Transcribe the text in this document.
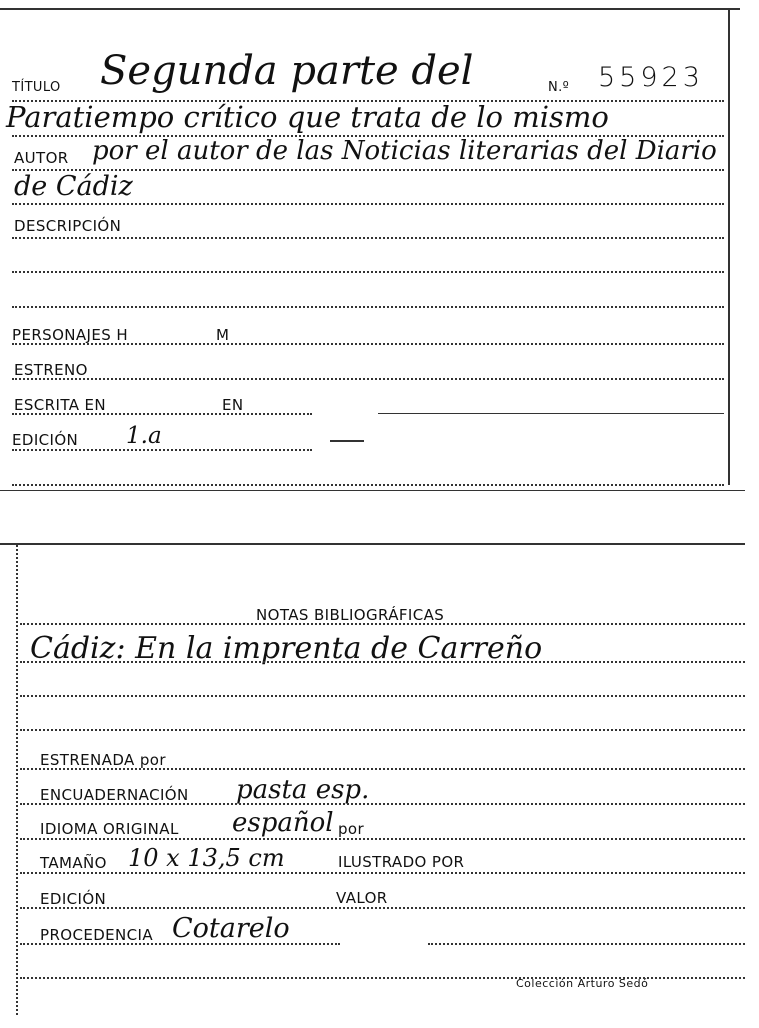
TÍTULO Segunda parte del	N.º 55923
Paratiempo crítico que trata de lo mismo
AUTOR por el autor de las Noticias literarias del Diario
de Cádiz
DESCRIPCIÓN
PERSONAJES H	M
ESTRENO
ESCRITA EN	EN
EDICIÓN 1.a
NOTAS BIBLIOGRÁFICAS
Cádiz: En la imprenta de Carreño
ESTRENADA por
ENCUADERNACIÓN pasta esp.
IDIOMA ORIGINAL español por
TAMAÑO 10 x 13,5 cm	ILUSTRADO POR
EDICIÓN	VALOR
PROCEDENCIA Cotarelo
Colección Arturo Sedó
